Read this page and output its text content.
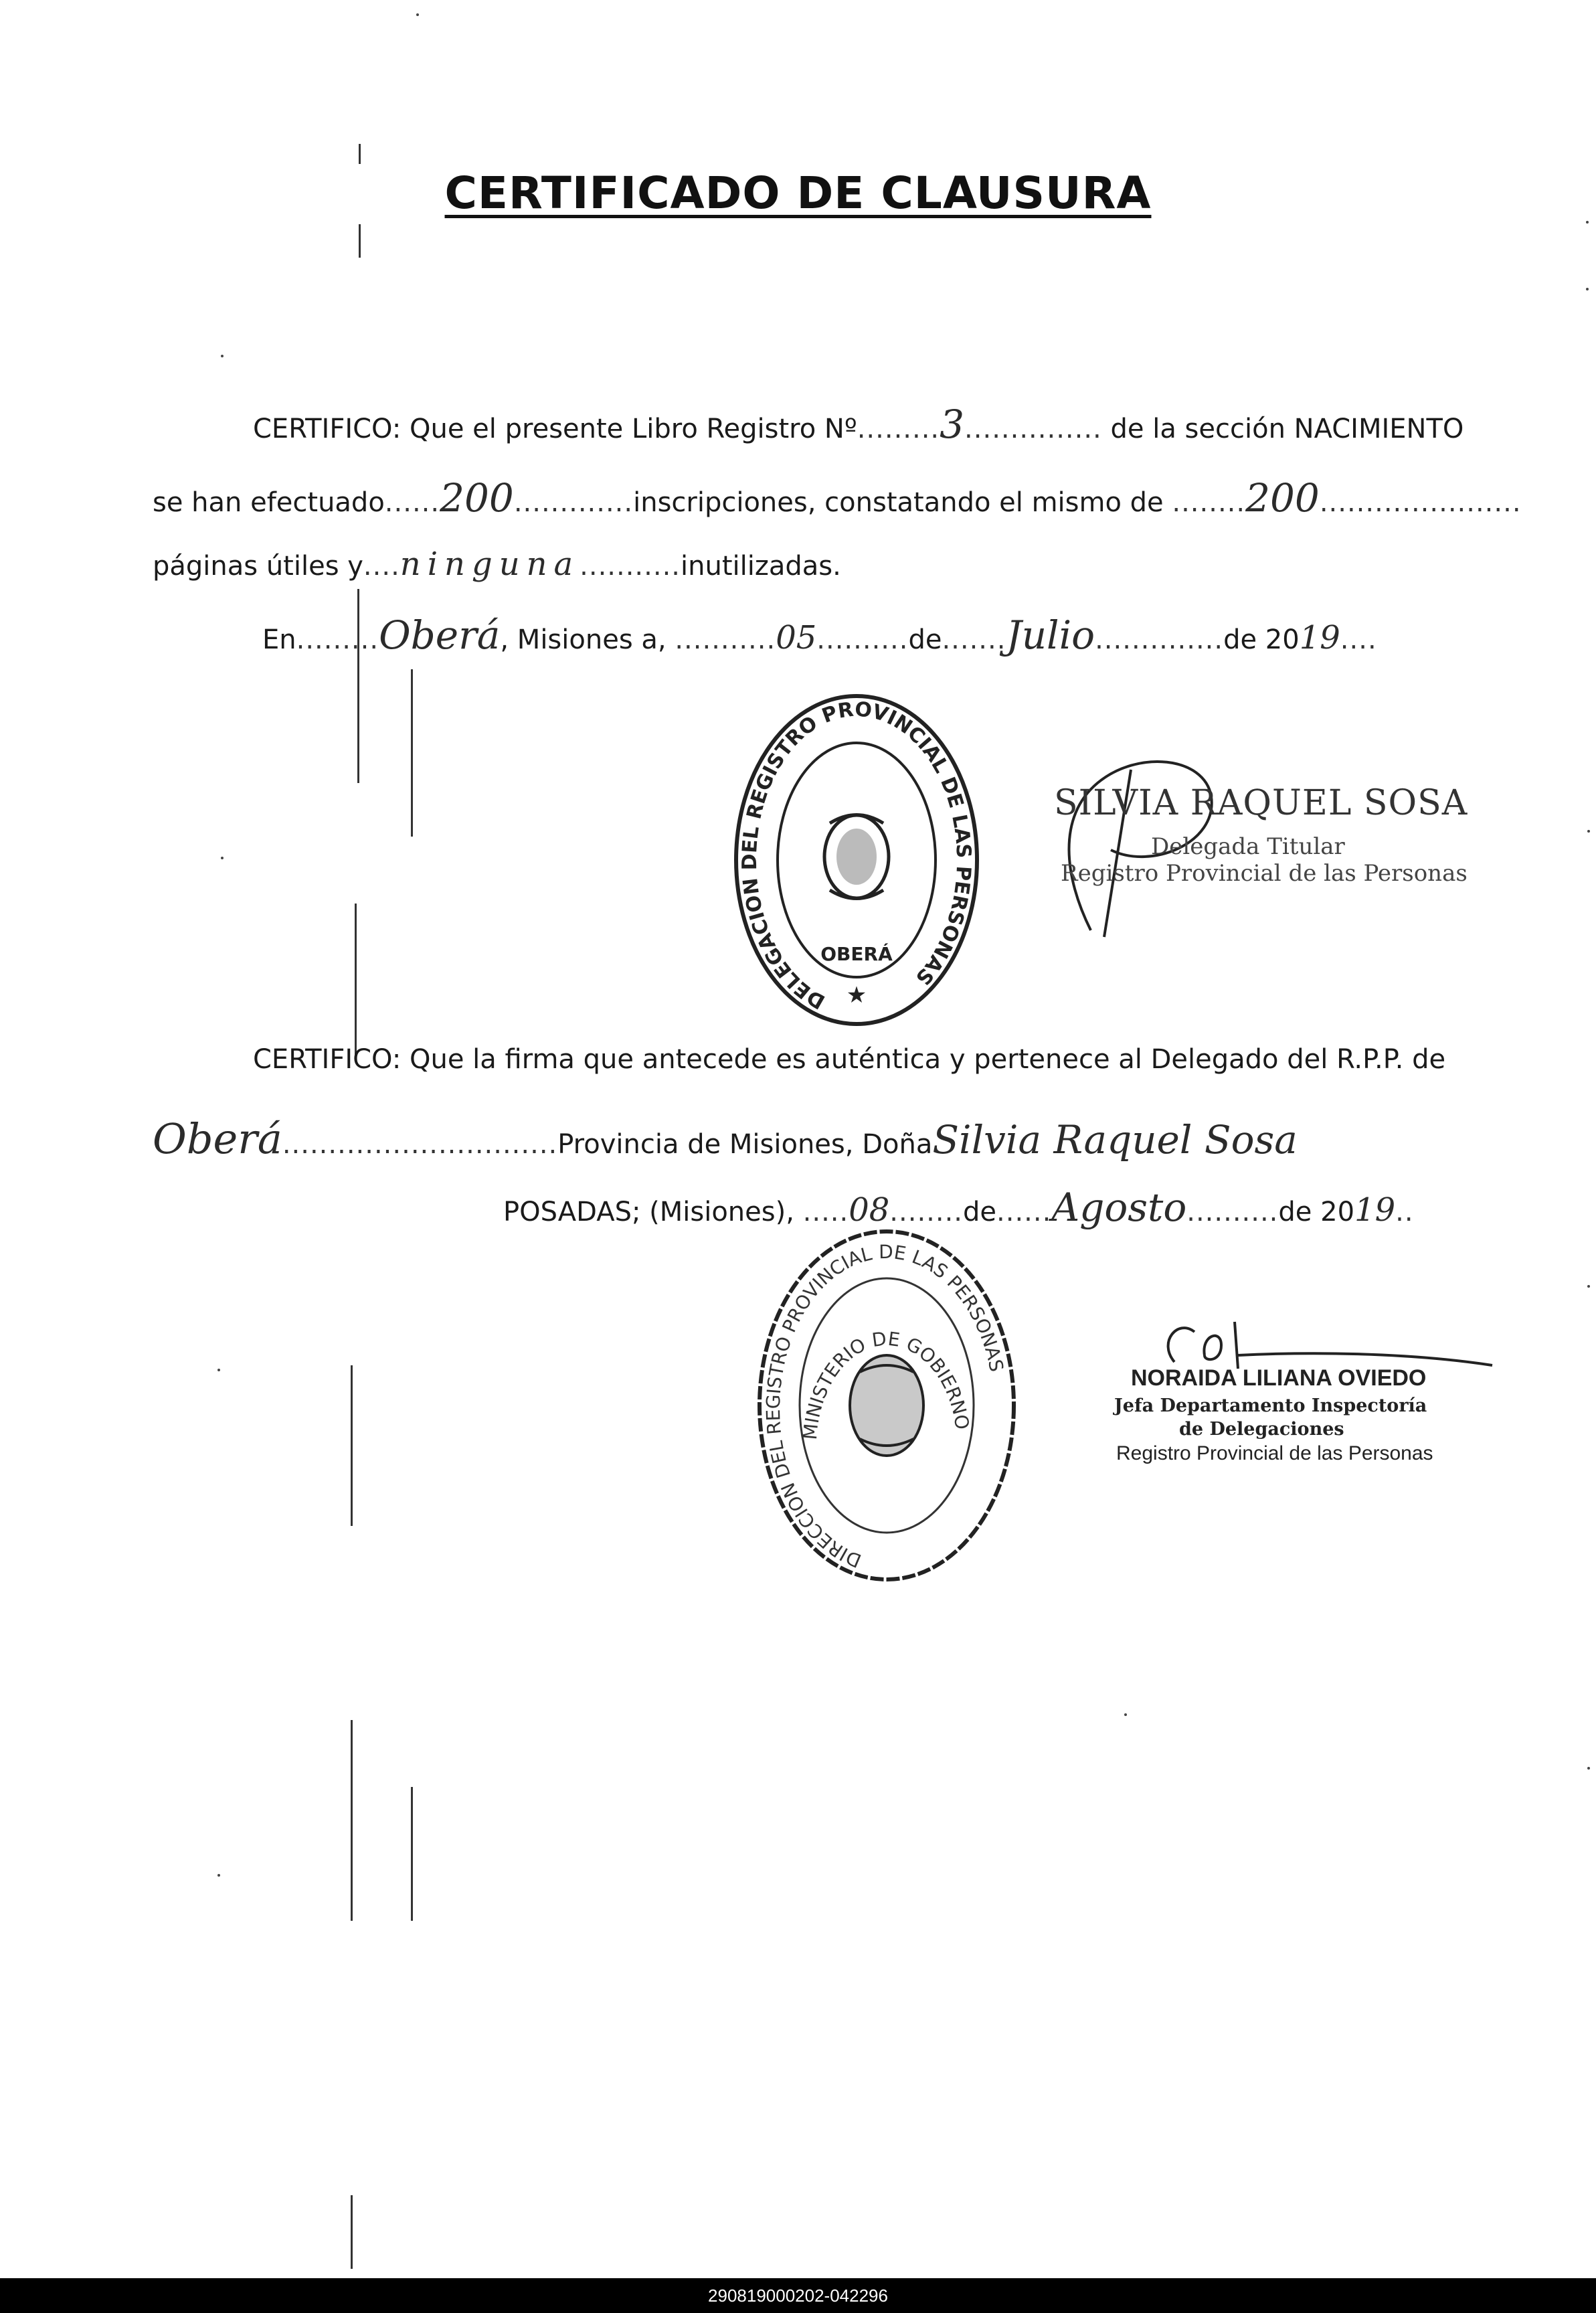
CERTIFICADO DE CLAUSURA
CERTIFICO: Que el presente Libro Registro Nº.........3............... de la sección NACIMIENTO
se han efectuado......200.............inscripciones, constatando el mismo de ........200......................
páginas útiles y....ninguna...........inutilizadas.
En.........Oberá, Misiones a, ...........05..........de.......Julio..............de 2019....
DELEGACION DEL REGISTRO PROVINCIAL DE LAS PERSONAS
OBERÁ
★
SILVIA RAQUEL SOSA
Delegada Titular
Registro Provincial de las Personas
CERTIFICO: Que la firma que antecede es auténtica y pertenece al Delegado del R.P.P. de
Oberá..............................Provincia de Misiones, DoñaSilvia Raquel Sosa
POSADAS; (Misiones), .....08........de......Agosto..........de 2019..
DIRECCION DEL REGISTRO PROVINCIAL DE LAS PERSONAS
MINISTERIO DE GOBIERNO
NORAIDA LILIANA OVIEDO
Jefa Departamento Inspectoría
de Delegaciones
Registro Provincial de las Personas
290819000202-042296
